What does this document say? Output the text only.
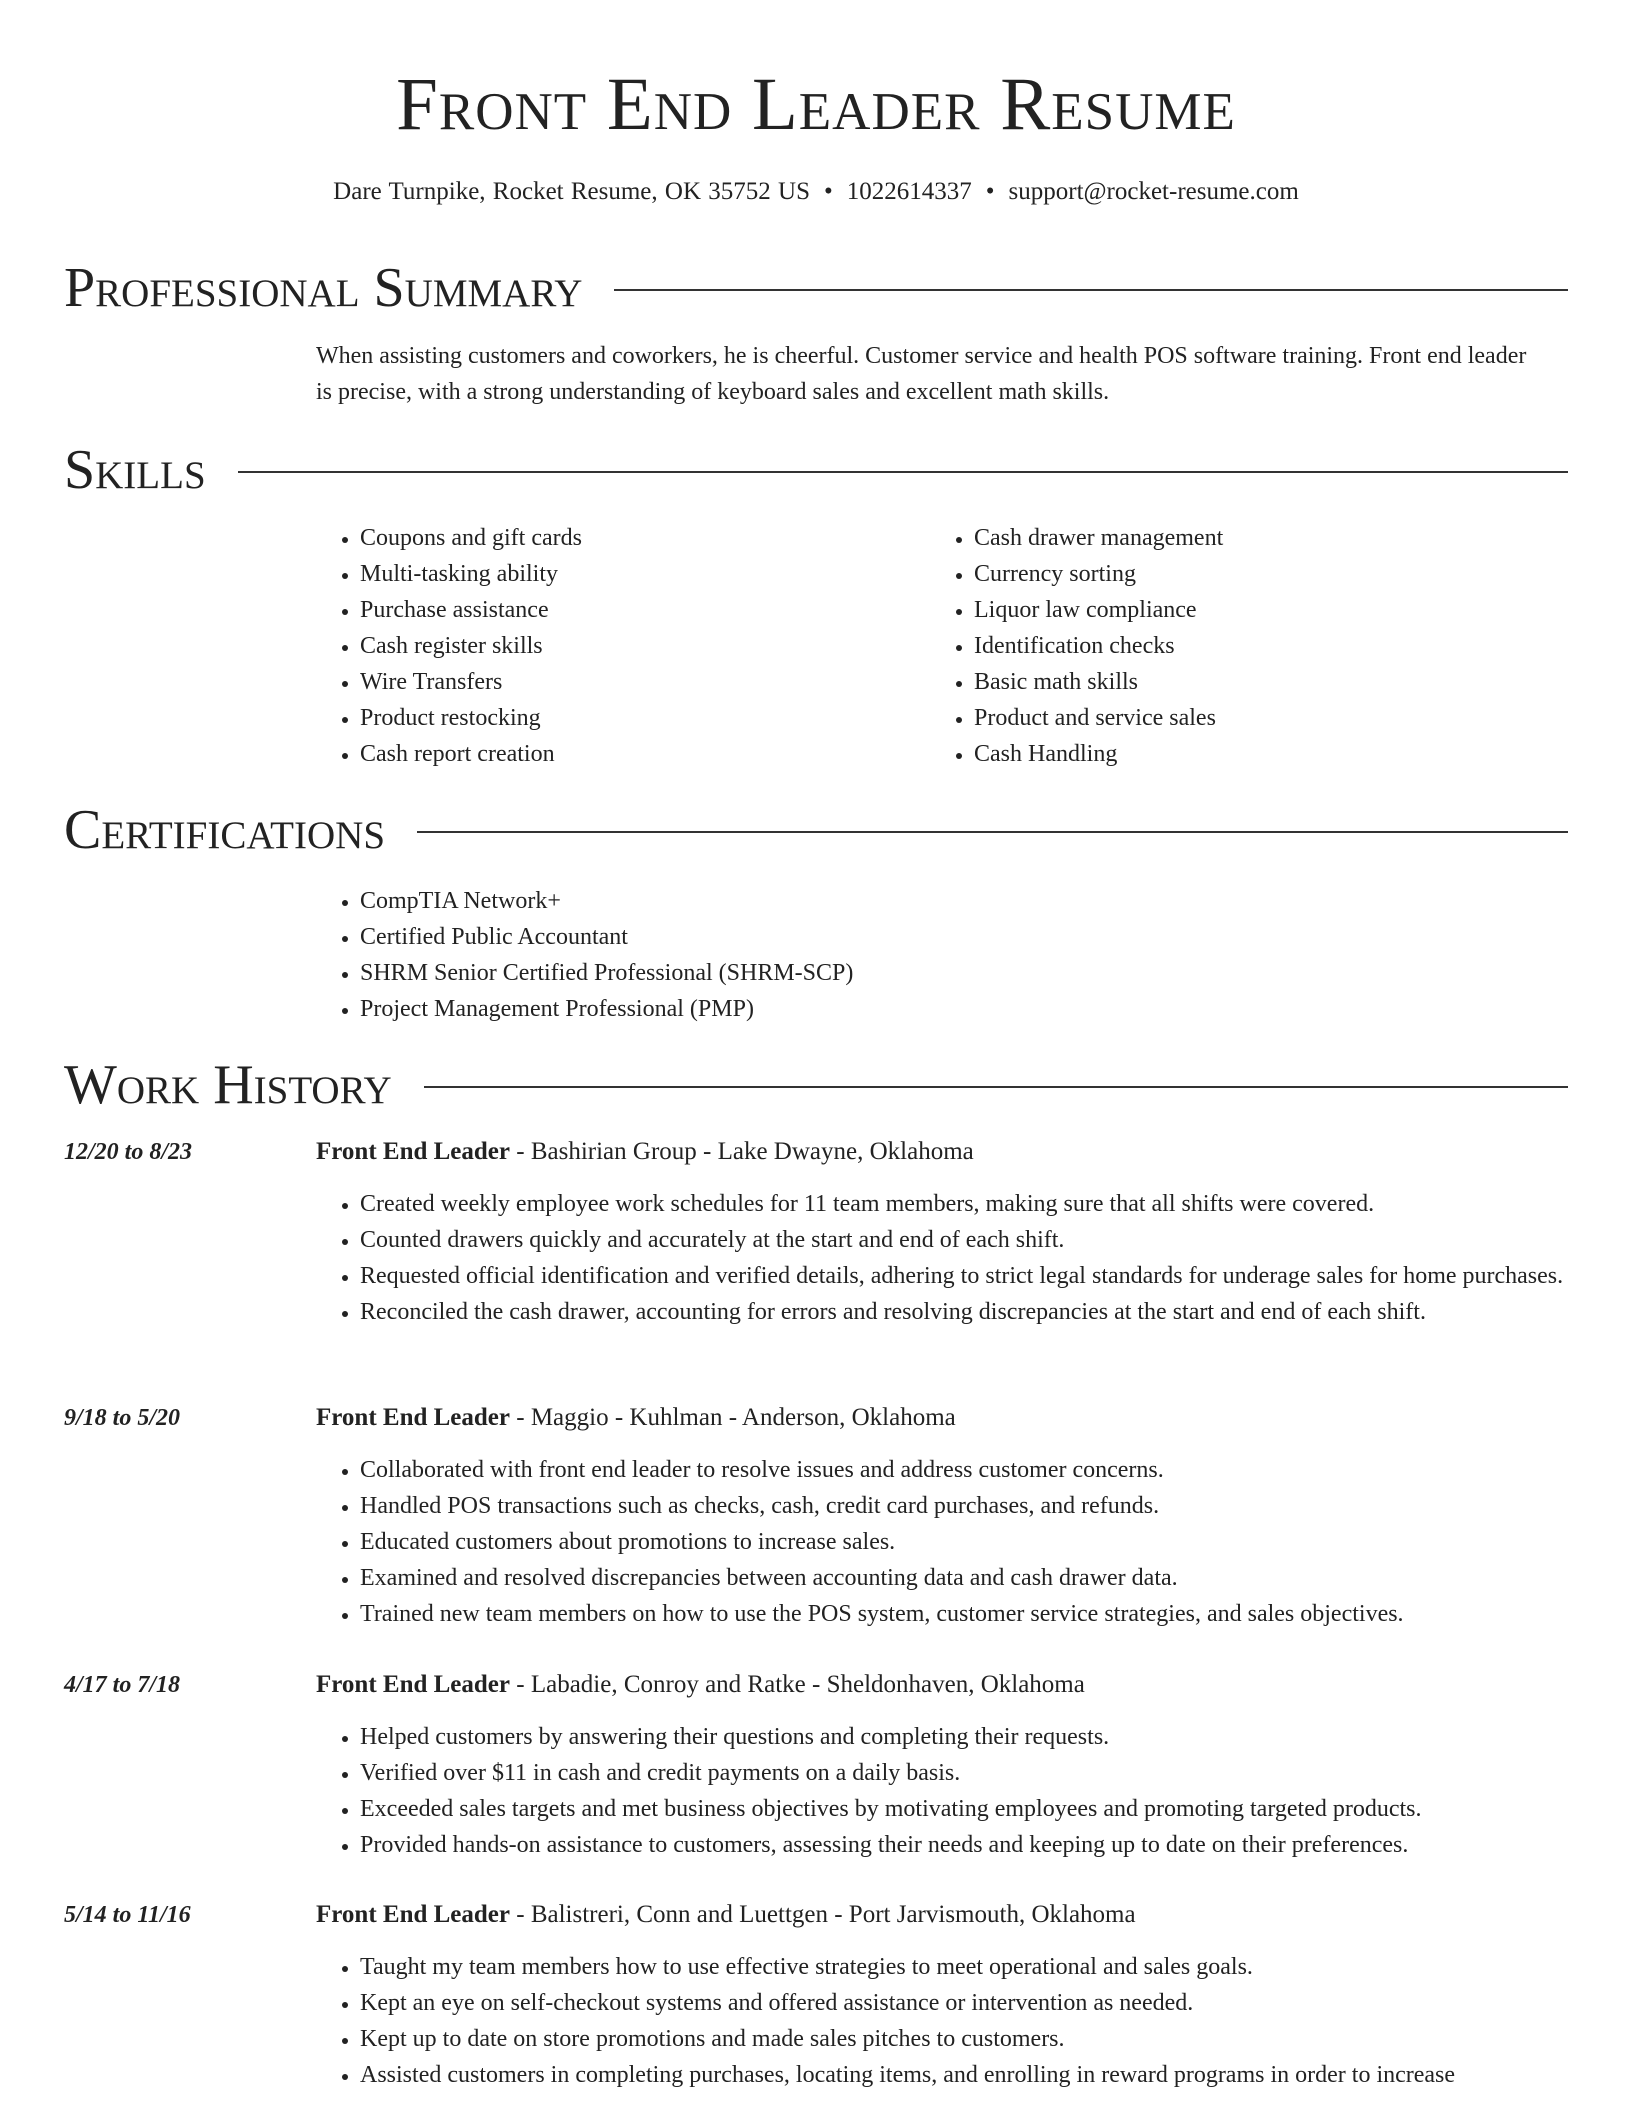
Front End Leader Resume
Dare Turnpike, Rocket Resume, OK 35752 US • 1022614337 • support@rocket-resume.com
Professional Summary

When assisting customers and coworkers, he is cheerful. Customer service and health POS software training. Front end leader is precise, with a strong understanding of keyboard sales and excellent math skills.

Skills
• Coupons and gift cards
• Multi-tasking ability
• Purchase assistance
• Cash register skills
• Wire Transfers
• Product restocking
• Cash report creation
• Cash drawer management
• Currency sorting
• Liquor law compliance
• Identification checks
• Basic math skills
• Product and service sales
• Cash Handling
Certifications
• CompTIA Network+
• Certified Public Accountant
• SHRM Senior Certified Professional (SHRM-SCP)
• Project Management Professional (PMP)
Work History
12/20 to 8/23	Front End Leader - Bashirian Group - Lake Dwayne, Oklahoma
• Created weekly employee work schedules for 11 team members, making sure that all shifts were covered.
• Counted drawers quickly and accurately at the start and end of each shift.
• Requested official identification and verified details, adhering to strict legal standards for underage sales for home purchases.
• Reconciled the cash drawer, accounting for errors and resolving discrepancies at the start and end of each shift.
9/18 to 5/20	Front End Leader - Maggio - Kuhlman - Anderson, Oklahoma
• Collaborated with front end leader to resolve issues and address customer concerns.
• Handled POS transactions such as checks, cash, credit card purchases, and refunds.
• Educated customers about promotions to increase sales.
• Examined and resolved discrepancies between accounting data and cash drawer data.
• Trained new team members on how to use the POS system, customer service strategies, and sales objectives.
4/17 to 7/18	Front End Leader - Labadie, Conroy and Ratke - Sheldonhaven, Oklahoma
• Helped customers by answering their questions and completing their requests.
• Verified over $11 in cash and credit payments on a daily basis.
• Exceeded sales targets and met business objectives by motivating employees and promoting targeted products.
• Provided hands-on assistance to customers, assessing their needs and keeping up to date on their preferences.
5/14 to 11/16	Front End Leader - Balistreri, Conn and Luettgen - Port Jarvismouth, Oklahoma
• Taught my team members how to use effective strategies to meet operational and sales goals.
• Kept an eye on self-checkout systems and offered assistance or intervention as needed.
• Kept up to date on store promotions and made sales pitches to customers.
• Assisted customers in completing purchases, locating items, and enrolling in reward programs in order to increase
